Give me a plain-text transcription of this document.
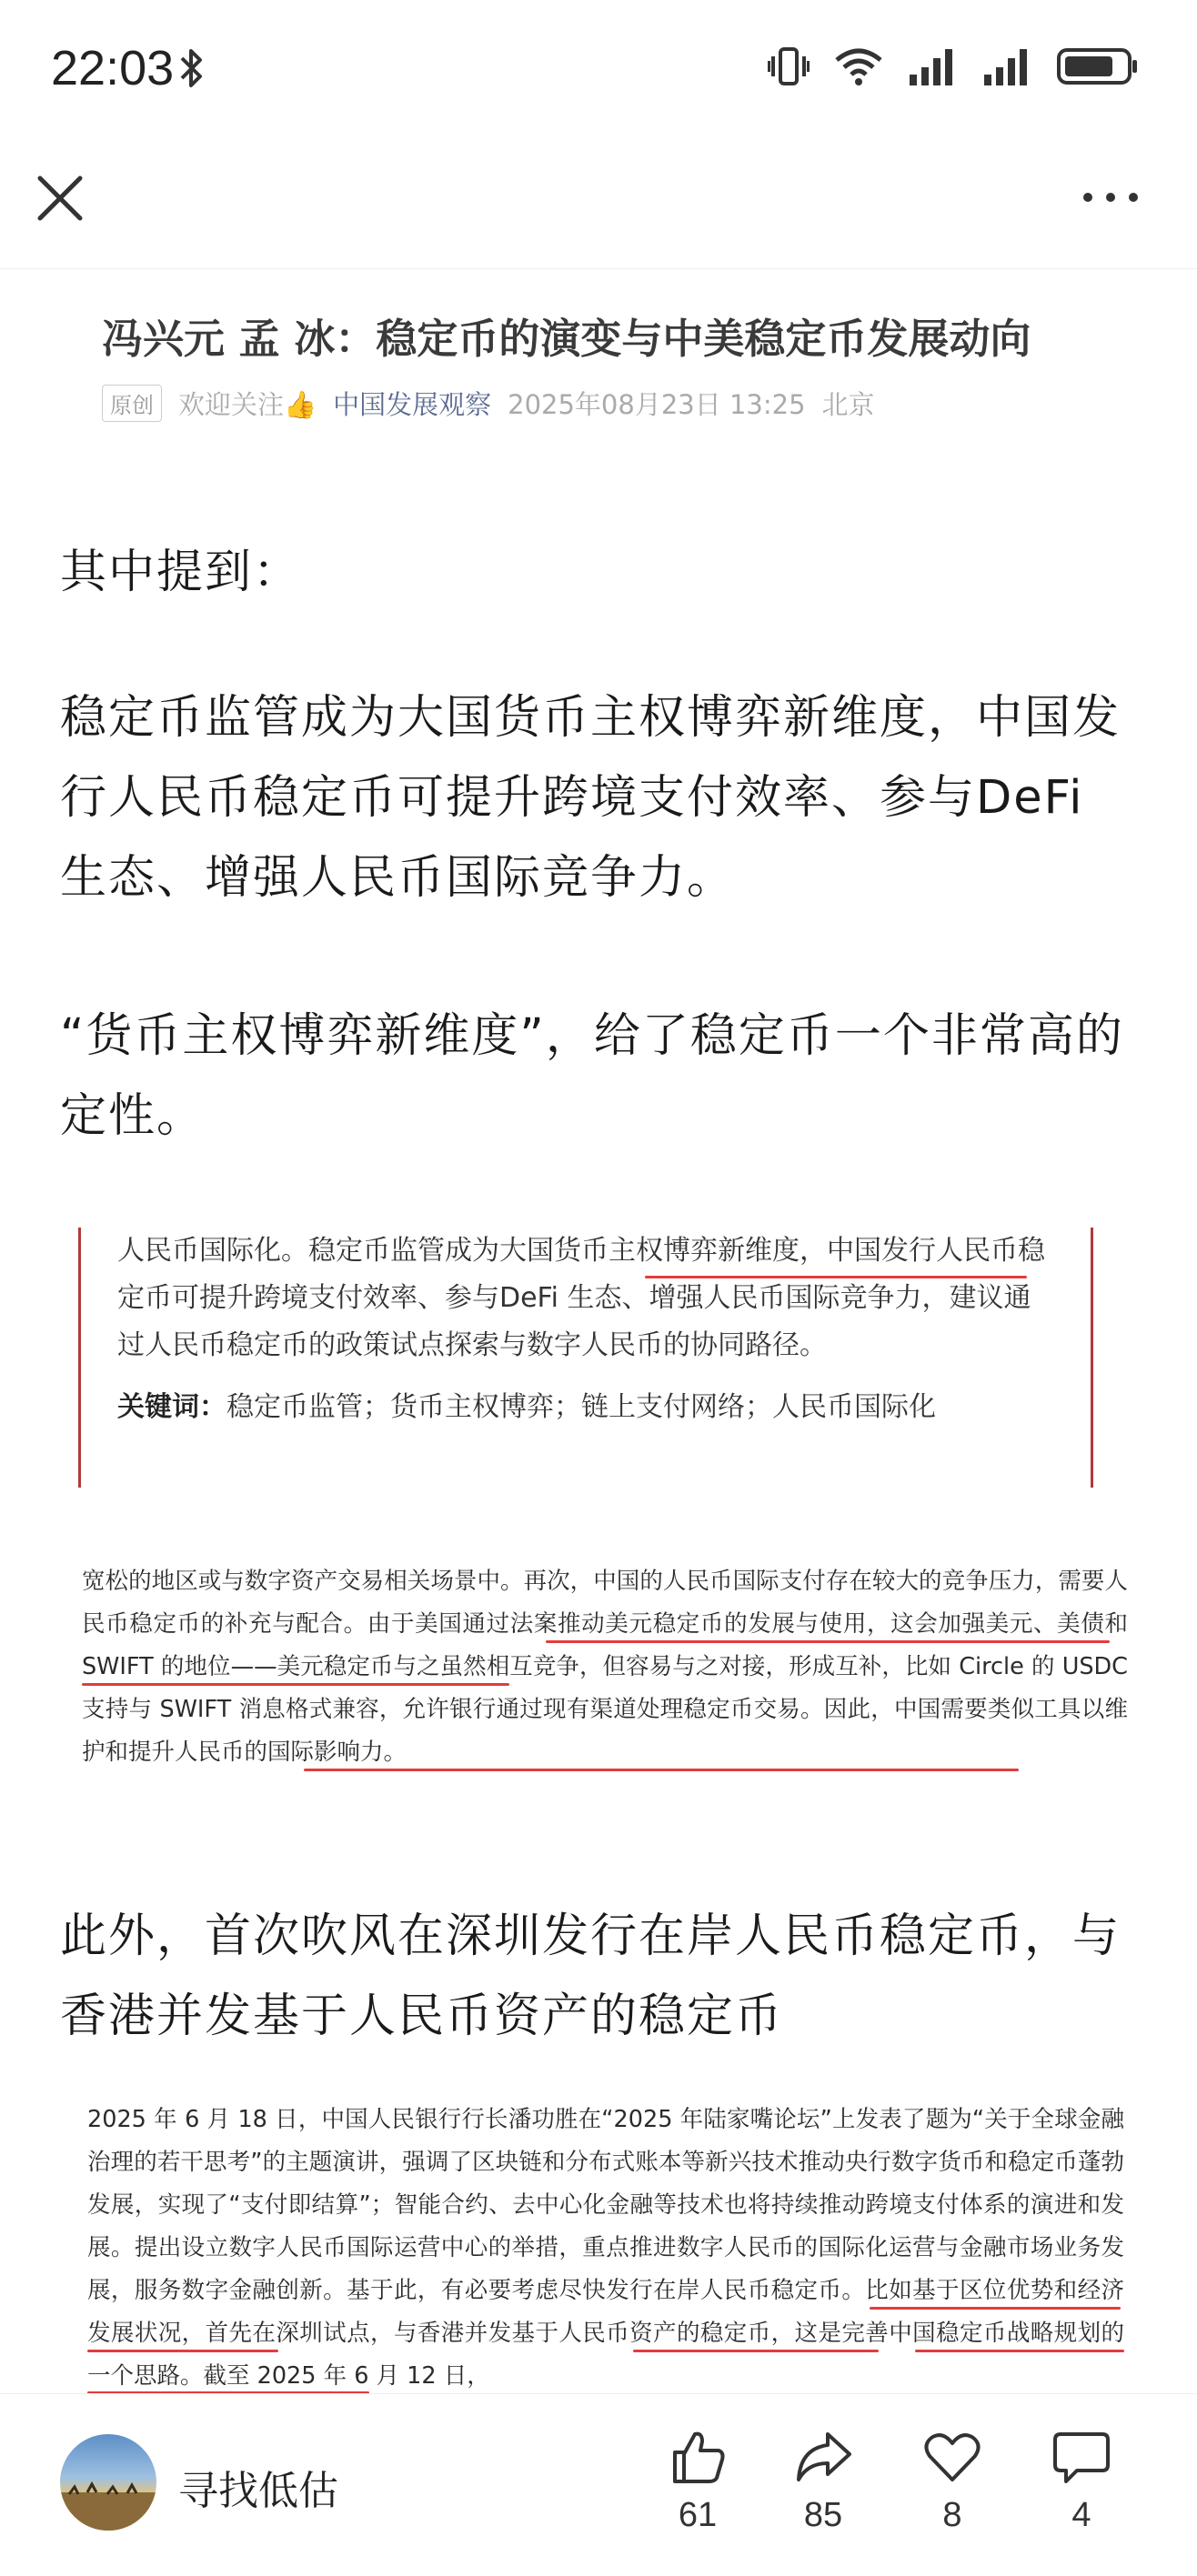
22:03
冯兴元 孟 冰：稳定币的演变与中美稳定币发展动向
原创 欢迎关注👍 中国发展观察 2025年08月23日 13:25 北京
其中提到：
稳定币监管成为大国货币主权博弈新维度，中国发行人民币稳定币可提升跨境支付效率、参与DeFi 生态、增强人民币国际竞争力。
“货币主权博弈新维度”，给了稳定币一个非常高的定性。

人民币国际化。稳定币监管成为大国货币主权博弈新维度，中国发行人民币稳定币可提升跨境支付效率、参与DeFi 生态、增强人民币国际竞争力，建议通过人民币稳定币的政策试点探索与数字人民币的协同路径。

关键词：稳定币监管；货币主权博弈；链上支付网络；人民币国际化

宽松的地区或与数字资产交易相关场景中。再次，中国的人民币国际支付存在较大的竞争压力，需要人民币稳定币的补充与配合。由于美国通过法案推动美元稳定币的发展与使用，这会加强美元、美债和 SWIFT 的地位——美元稳定币与之虽然相互竞争，但容易与之对接，形成互补，比如 Circle 的 USDC 支持与 SWIFT 消息格式兼容，允许银行通过现有渠道处理稳定币交易。因此，中国需要类似工具以维护和提升人民币的国际影响力。

此外，首次吹风在深圳发行在岸人民币稳定币，与香港并发基于人民币资产的稳定币

2025 年 6 月 18 日，中国人民银行行长潘功胜在“2025 年陆家嘴论坛”上发表了题为“关于全球金融治理的若干思考”的主题演讲，强调了区块链和分布式账本等新兴技术推动央行数字货币和稳定币蓬勃发展，实现了“支付即结算”；智能合约、去中心化金融等技术也将持续推动跨境支付体系的演进和发展。提出设立数字人民币国际运营中心的举措，重点推进数字人民币的国际化运营与金融市场业务发展，服务数字金融创新。基于此，有必要考虑尽快发行在岸人民币稳定币。比如基于区位优势和经济发展状况，首先在深圳试点，与香港并发基于人民币资产的稳定币，这是完善中国稳定币战略规划的一个思路。截至 2025 年 6 月 12 日，

寻找低估
61	85	8	4
